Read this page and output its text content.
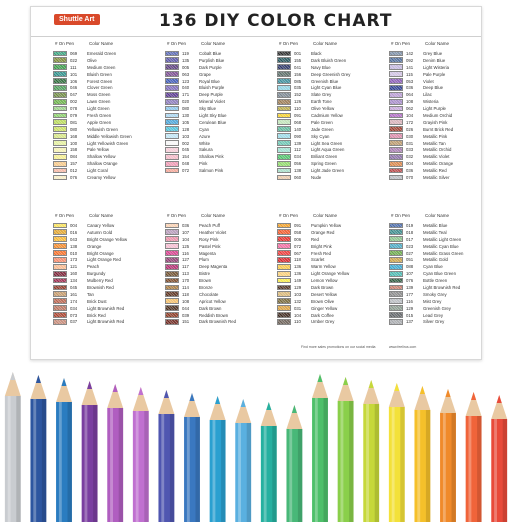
Shuttle Art	136 DIY COLOR CHART
# On Pen	Color Name
069 Emerald Green
022 Olive
111 Medium Green
101 Bluish Green
106 Forest Green
046 Clover Green
047 Moss Green
002 Lawn Green
078 Light Green
079 Fresh Green
081 Apple Green
080 Yellowish Green
168 Middle Yellowish Green
100 Light Yellowish Green
158 Pale Yellow
084 Shallow Yellow
157 Shallow Orange
012 Light Coral
076 Creamy Yellow
# On Pen	Color Name
119 Cobalt Blue
135 Purplish Blue
005 Dark Purple
063 Grape
123 Royal Blue
040 Bluish Purple
171 Deep Purple
020 Mineral Violet
080 Sky Blue
130 Light Sky Blue
105 Cerulean Blue
128 Cyan
103 Azure
002 White
045 Sakura
154 Shallow Pink
048 Pink
072 Salmon Pink
# On Pen	Color Name
001 Black
155 Dark Bluish Green
041 Navy Blue
156 Deep Greenish Grey
085 Greenish Blue
035 Light Cyan Blue
152 Slate Grey
126 Earth Tone
110 Olive Yellow
091 Cadmium Yellow
068 Pale Green
140 Jade Green
090 Sky Cyan
139 Light Sea Green
112 Light Aqua Green
034 Briliant Green
056 Spring Green
138 Light Jade Green
060 Nude
# On Pen	Color Name
142 Grey Blue
092 Denim Blue
141 Light Wisteria
115 Pale Purple
053 Violet
036 Deep Blue
064 Lilac
108 Wisteria
062 Light Purple
104 Medium Orchid
172 Grayish Pink
026 Burnt Brick Red
030 Metallic Pink
031 Metallic Tan
033 Metallic Orchid
032 Metallic Violet
004 Metallic Orange
036 Metallic Red
070 Metallic Silver
# On Pen	Color Name
004 Canary Yellow
016 Autumn Gold
043 Bright Orange Yellow
138 Orange
010 Bright Orange
173 Light Orange Red
121 Peach
160 Burgundy
134 Mulberry Red
045 Brownish Red
161 Tan
174 Brick Dust
034 Light Brownish Red
073 Brick Red
037 Light Brownish Red
# On Pen	Color Name
036 Peach Puff
107 Heather Violet
104 Rosy Pink
125 Pastel Pink
116 Magenta
127 Plum
117 Deep Magenta
113 Bistre
170 Brown
114 Bronze
118 Chocolate
108 Apricot Yellow
044 Dark Brown
039 Reddish Brown
151 Dark Brownish Red
# On Pen	Color Name
091 Pumpkin Yellow
058 Orange Red
006 Red
072 Bright Pink
067 Fresh Red
118 Scarlet
136 Warm Yellow
136 Light Orange Yellow
149 Lemon Yellow
129 Dark Brown
103 Desert Yellow
132 Brown Olive
031 Ginger Yellow
104 Dark Coffee
110 Umber Grey
# On Pen	Color Name
019 Metallic Blue
018 Metallic Teal
017 Metallic Light Green
023 Metallic Cyan Blue
027 Metallic Grass Green
051 Metallic Gold
088 Cyan Blue
107 Cyan Blue Green
076 Bottle Green
139 Light Brownish Red
177 Smoky Grey
116 Mist Grey
129 Greenish Grey
015 Lead Grey
137 Silver Grey
Find more sales promotions on our social media	www.feelirus.com
